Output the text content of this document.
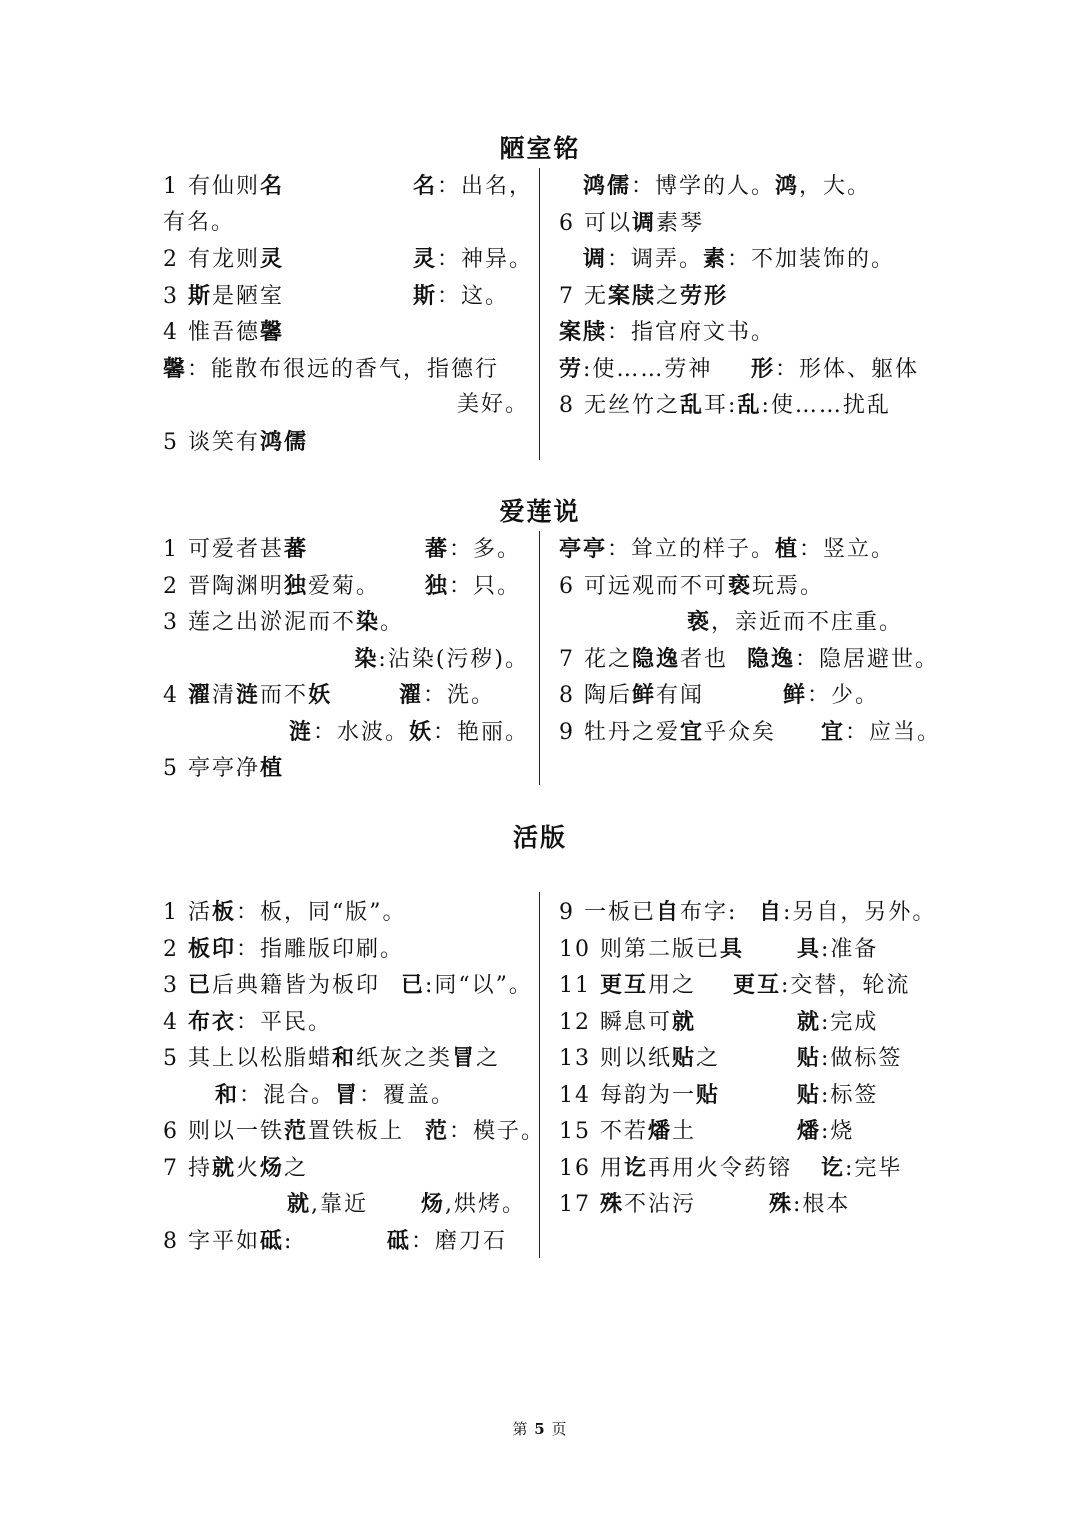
陋室铭
1 有仙则名	名：出名，
有名。
2 有龙则灵	灵：神异。
3 斯是陋室	斯：这。
4 惟吾德馨
馨：能散布很远的香气，指德行
美好。
5 谈笑有鸿儒
鸿儒：博学的人。鸿，大。
6 可以调素琴
调：调弄。素：不加装饰的。
7 无案牍之劳形
案牍：指官府文书。
劳:使……劳神 形：形体、躯体
8 无丝竹之乱耳:乱:使……扰乱
爱莲说
1 可爱者甚蕃	蕃：多。
2 晋陶渊明独爱菊。 独：只。
3 莲之出淤泥而不染。
染:沾染(污秽)。
4 濯清涟而不妖	濯：洗。
涟：水波。妖：艳丽。
5 亭亭净植
亭亭：耸立的样子。植：竖立。
6 可远观而不可亵玩焉。
亵，亲近而不庄重。
7 花之隐逸者也 隐逸：隐居避世。
8 陶后鲜有闻	鲜：少。
9 牡丹之爱宜乎众矣 宜：应当。
活版
1 活板：板，同“版”。
2 板印：指雕版印刷。
3 已后典籍皆为板印 已:同“以”。
4 布衣：平民。
5 其上以松脂蜡和纸灰之类冒之
和：混合。冒：覆盖。
6 则以一铁范置铁板上 范：模子。
7 持就火炀之
就,靠近 炀,烘烤。
8 字平如砥:	砥：磨刀石
9 一板已自布字: 自:另自，另外。
10 则第二版已具 具:准备
11 更互用之 更互:交替，轮流
12 瞬息可就	就:完成
13 则以纸贴之	贴:做标签
14 每韵为一贴	贴:标签
15 不若燔土	燔:烧
16 用讫再用火令药镕 讫:完毕
17 殊不沾污	殊:根本
第 5 页
